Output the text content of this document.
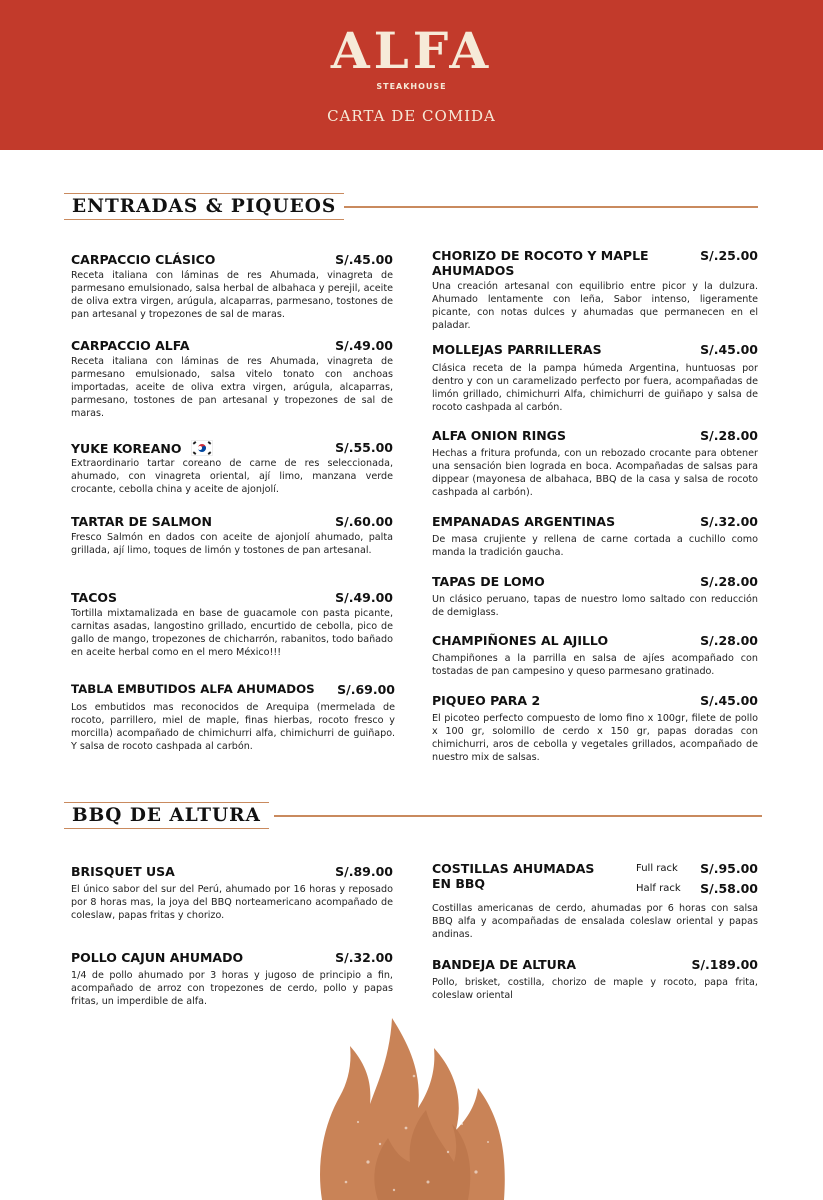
ALFA
STEAKHOUSE
CARTA DE COMIDA
ENTRADAS & PIQUEOS
CARPACCIO CLÁSICO	S/.45.00
Receta italiana con láminas de res Ahumada, vinagreta de parmesano emulsionado, salsa herbal de albahaca y perejil, aceite de oliva extra virgen, arúgula, alcaparras, parmesano, tostones de pan artesanal y tropezones de sal de maras.
CARPACCIO ALFA	S/.49.00
Receta italiana con láminas de res Ahumada, vinagreta de parmesano emulsionado, salsa vitelo tonato con anchoas importadas, aceite de oliva extra virgen, arúgula, alcaparras, parmesano, tostones de pan artesanal y tropezones de sal de maras.
YUKE KOREANO	S/.55.00
Extraordinario tartar coreano de carne de res seleccionada, ahumado, con vinagreta oriental, ají limo, manzana verde crocante, cebolla china y aceite de ajonjolí.
TARTAR DE SALMON	S/.60.00
Fresco Salmón en dados con aceite de ajonjolí ahumado, palta grillada, ají limo, toques de limón y tostones de pan artesanal.
TACOS	S/.49.00
Tortilla mixtamalizada en base de guacamole con pasta picante, carnitas asadas, langostino grillado, encurtido de cebolla, pico de gallo de mango, tropezones de chicharrón, rabanitos, todo bañado en aceite herbal como en el mero México!!!
TABLA EMBUTIDOS ALFA AHUMADOS S/.69.00
Los embutidos mas reconocidos de Arequipa (mermelada de rocoto, parrillero, miel de maple, finas hierbas, rocoto fresco y morcilla) acompañado de chimichurri alfa, chimichurri de guiñapo. Y salsa de rocoto cashpada al carbón.
CHORIZO DE ROCOTO Y MAPLE
AHUMADOS
S/.25.00
Una creación artesanal con equilibrio entre picor y la dulzura. Ahumado lentamente con leña, Sabor intenso, ligeramente picante, con notas dulces y ahumadas que permanecen en el paladar.
MOLLEJAS PARRILLERAS	S/.45.00
Clásica receta de la pampa húmeda Argentina, huntuosas por dentro y con un caramelizado perfecto por fuera, acompañadas de limón grillado, chimichurri Alfa, chimichurri de guiñapo y salsa de rocoto cashpada al carbón.
ALFA ONION RINGS	S/.28.00
Hechas a fritura profunda, con un rebozado crocante para obtener una sensación bien lograda en boca. Acompañadas de salsas para dippear (mayonesa de albahaca, BBQ de la casa y salsa de rocoto cashpada al carbón).
EMPANADAS ARGENTINAS	S/.32.00
De masa crujiente y rellena de carne cortada a cuchillo como manda la tradición gaucha.
TAPAS DE LOMO	S/.28.00
Un clásico peruano, tapas de nuestro lomo saltado con reducción de demiglass.
CHAMPIÑONES AL AJILLO	S/.28.00
Champiñones a la parrilla en salsa de ajíes acompañado con tostadas de pan campesino y queso parmesano gratinado.
PIQUEO PARA 2	S/.45.00
El picoteo perfecto compuesto de lomo fino x 100gr, filete de pollo x 100 gr, solomillo de cerdo x 150 gr, papas doradas con chimichurri, aros de cebolla y vegetales grillados, acompañado de nuestro mix de salsas.
BBQ DE ALTURA
BRISQUET USA	S/.89.00
El único sabor del sur del Perú, ahumado por 16 horas y reposado por 8 horas mas, la joya del BBQ norteamericano acompañado de coleslaw, papas fritas y chorizo.
POLLO CAJUN AHUMADO	S/.32.00
1/4 de pollo ahumado por 3 horas y jugoso de principio a fin, acompañado de arroz con tropezones de cerdo, pollo y papas fritas, un imperdible de alfa.
COSTILLAS AHUMADAS
EN BBQ
Full rack S/.95.00
Half rack S/.58.00
Costillas americanas de cerdo, ahumadas por 6 horas con salsa BBQ alfa y acompañadas de ensalada coleslaw oriental y papas andinas.
BANDEJA DE ALTURA	S/.189.00
Pollo, brisket, costilla, chorizo de maple y rocoto, papa frita, coleslaw oriental
